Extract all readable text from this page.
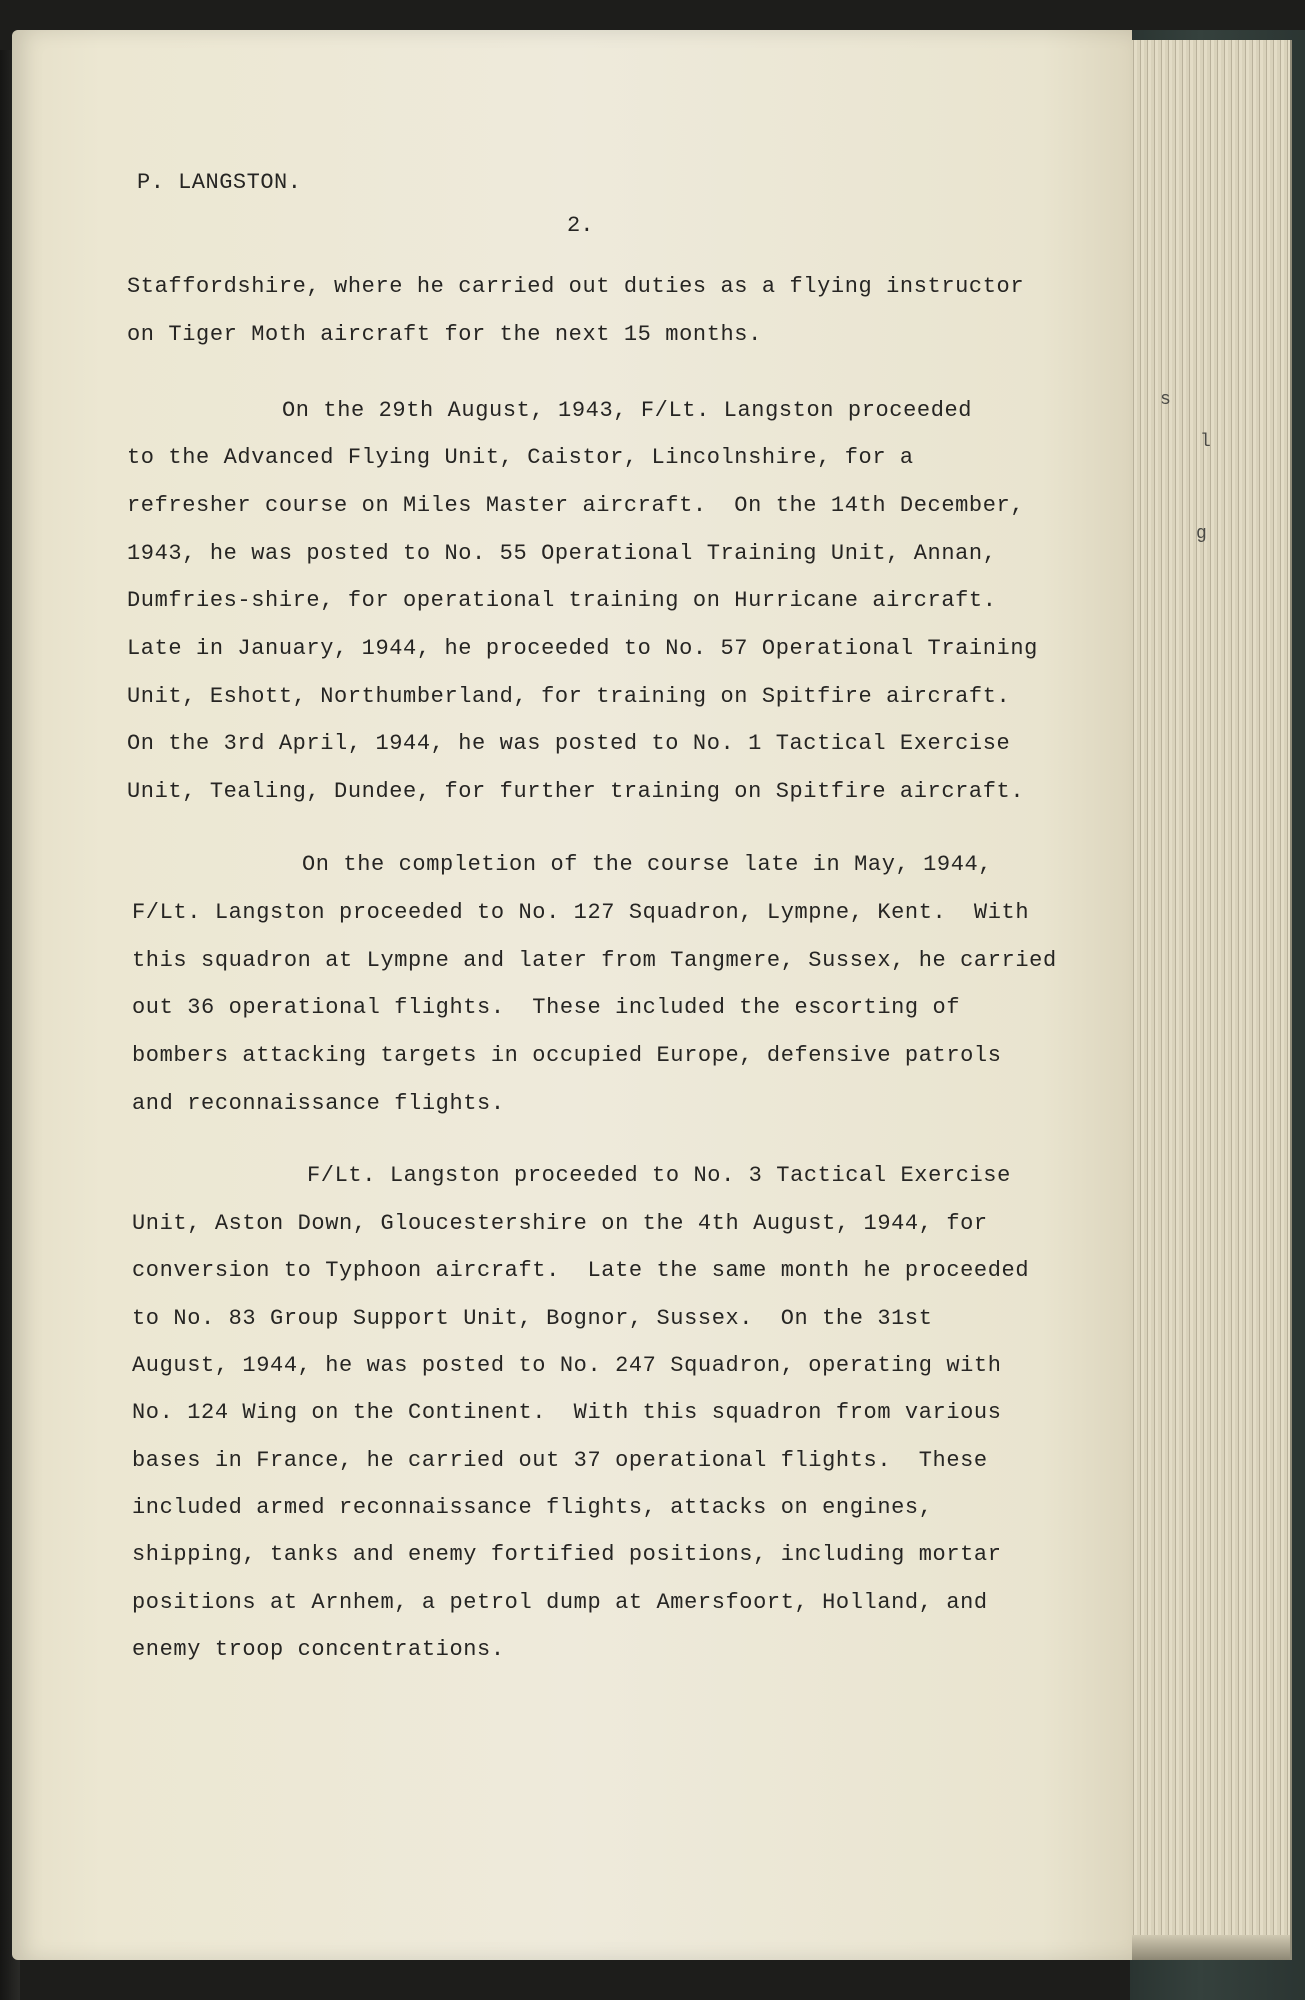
P. LANGSTON.
2.
Staffordshire, where he carried out duties as a flying instructor
on Tiger Moth aircraft for the next 15 months.
On the 29th August, 1943, F/Lt. Langston proceeded
to the Advanced Flying Unit, Caistor, Lincolnshire, for a
refresher course on Miles Master aircraft.  On the 14th December,
1943, he was posted to No. 55 Operational Training Unit, Annan,
Dumfries-shire, for operational training on Hurricane aircraft.
Late in January, 1944, he proceeded to No. 57 Operational Training
Unit, Eshott, Northumberland, for training on Spitfire aircraft.
On the 3rd April, 1944, he was posted to No. 1 Tactical Exercise
Unit, Tealing, Dundee, for further training on Spitfire aircraft.
On the completion of the course late in May, 1944,
F/Lt. Langston proceeded to No. 127 Squadron, Lympne, Kent.  With
this squadron at Lympne and later from Tangmere, Sussex, he carried
out 36 operational flights.  These included the escorting of
bombers attacking targets in occupied Europe, defensive patrols
and reconnaissance flights.
F/Lt. Langston proceeded to No. 3 Tactical Exercise
Unit, Aston Down, Gloucestershire on the 4th August, 1944, for
conversion to Typhoon aircraft.  Late the same month he proceeded
to No. 83 Group Support Unit, Bognor, Sussex.  On the 31st
August, 1944, he was posted to No. 247 Squadron, operating with
No. 124 Wing on the Continent.  With this squadron from various
bases in France, he carried out 37 operational flights.  These
included armed reconnaissance flights, attacks on engines,
shipping, tanks and enemy fortified positions, including mortar
positions at Arnhem, a petrol dump at Amersfoort, Holland, and
enemy troop concentrations.
s
l
g
